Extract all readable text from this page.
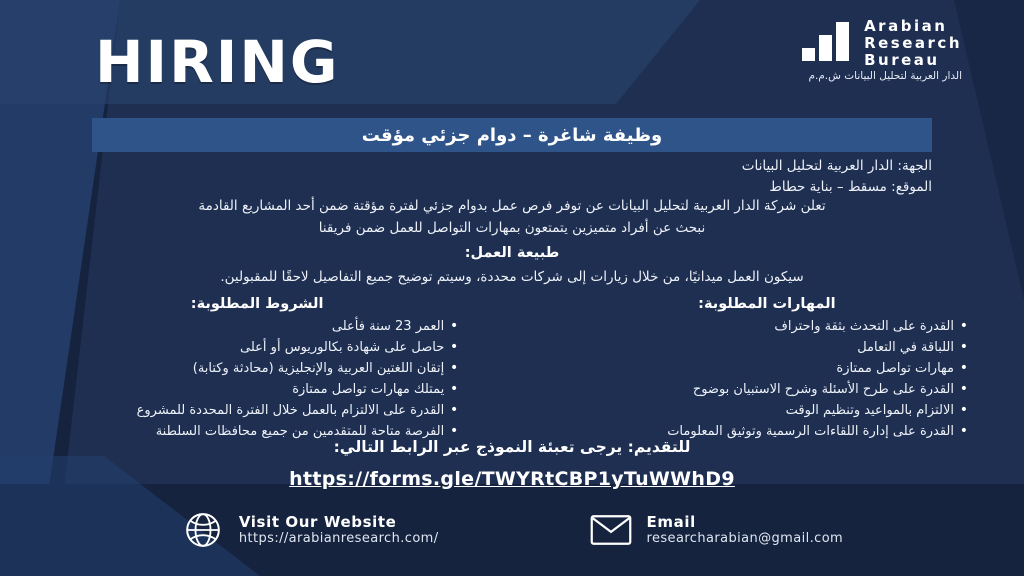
HIRING
Arabian
Research
Bureau
الدار العربية لتحليل البيانات ش.م.م
وظيفة شاغرة – دوام جزئي مؤقت
الجهة: الدار العربية لتحليل البيانات
الموقع: مسقط – بناية حطاط
تعلن شركة الدار العربية لتحليل البيانات عن توفر فرص عمل بدوام جزئي لفترة مؤقتة ضمن أحد المشاريع القادمة
نبحث عن أفراد متميزين يتمتعون بمهارات التواصل للعمل ضمن فريقنا
طبيعة العمل:
سيكون العمل ميدانيًا، من خلال زيارات إلى شركات محددة، وسيتم توضيح جميع التفاصيل لاحقًا للمقبولين.
المهارات المطلوبة:
• القدرة على التحدث بثقة واحتراف
• اللباقة في التعامل
• مهارات تواصل ممتازة
• القدرة على طرح الأسئلة وشرح الاستبيان بوضوح
• الالتزام بالمواعيد وتنظيم الوقت
• القدرة على إدارة اللقاءات الرسمية وتوثيق المعلومات
الشروط المطلوبة:
• العمر 23 سنة فأعلى
• حاصل على شهادة بكالوريوس أو أعلى
• إتقان اللغتين العربية والإنجليزية (محادثة وكتابة)
• يمتلك مهارات تواصل ممتازة
• القدرة على الالتزام بالعمل خلال الفترة المحددة للمشروع
• الفرصة متاحة للمتقدمين من جميع محافظات السلطنة
للتقديم: يرجى تعبئة النموذج عبر الرابط التالي:
https://forms.gle/TWYRtCBP1yTuWWhD9
Visit Our Website
https://arabianresearch.com/
Email
researcharabian@gmail.com
